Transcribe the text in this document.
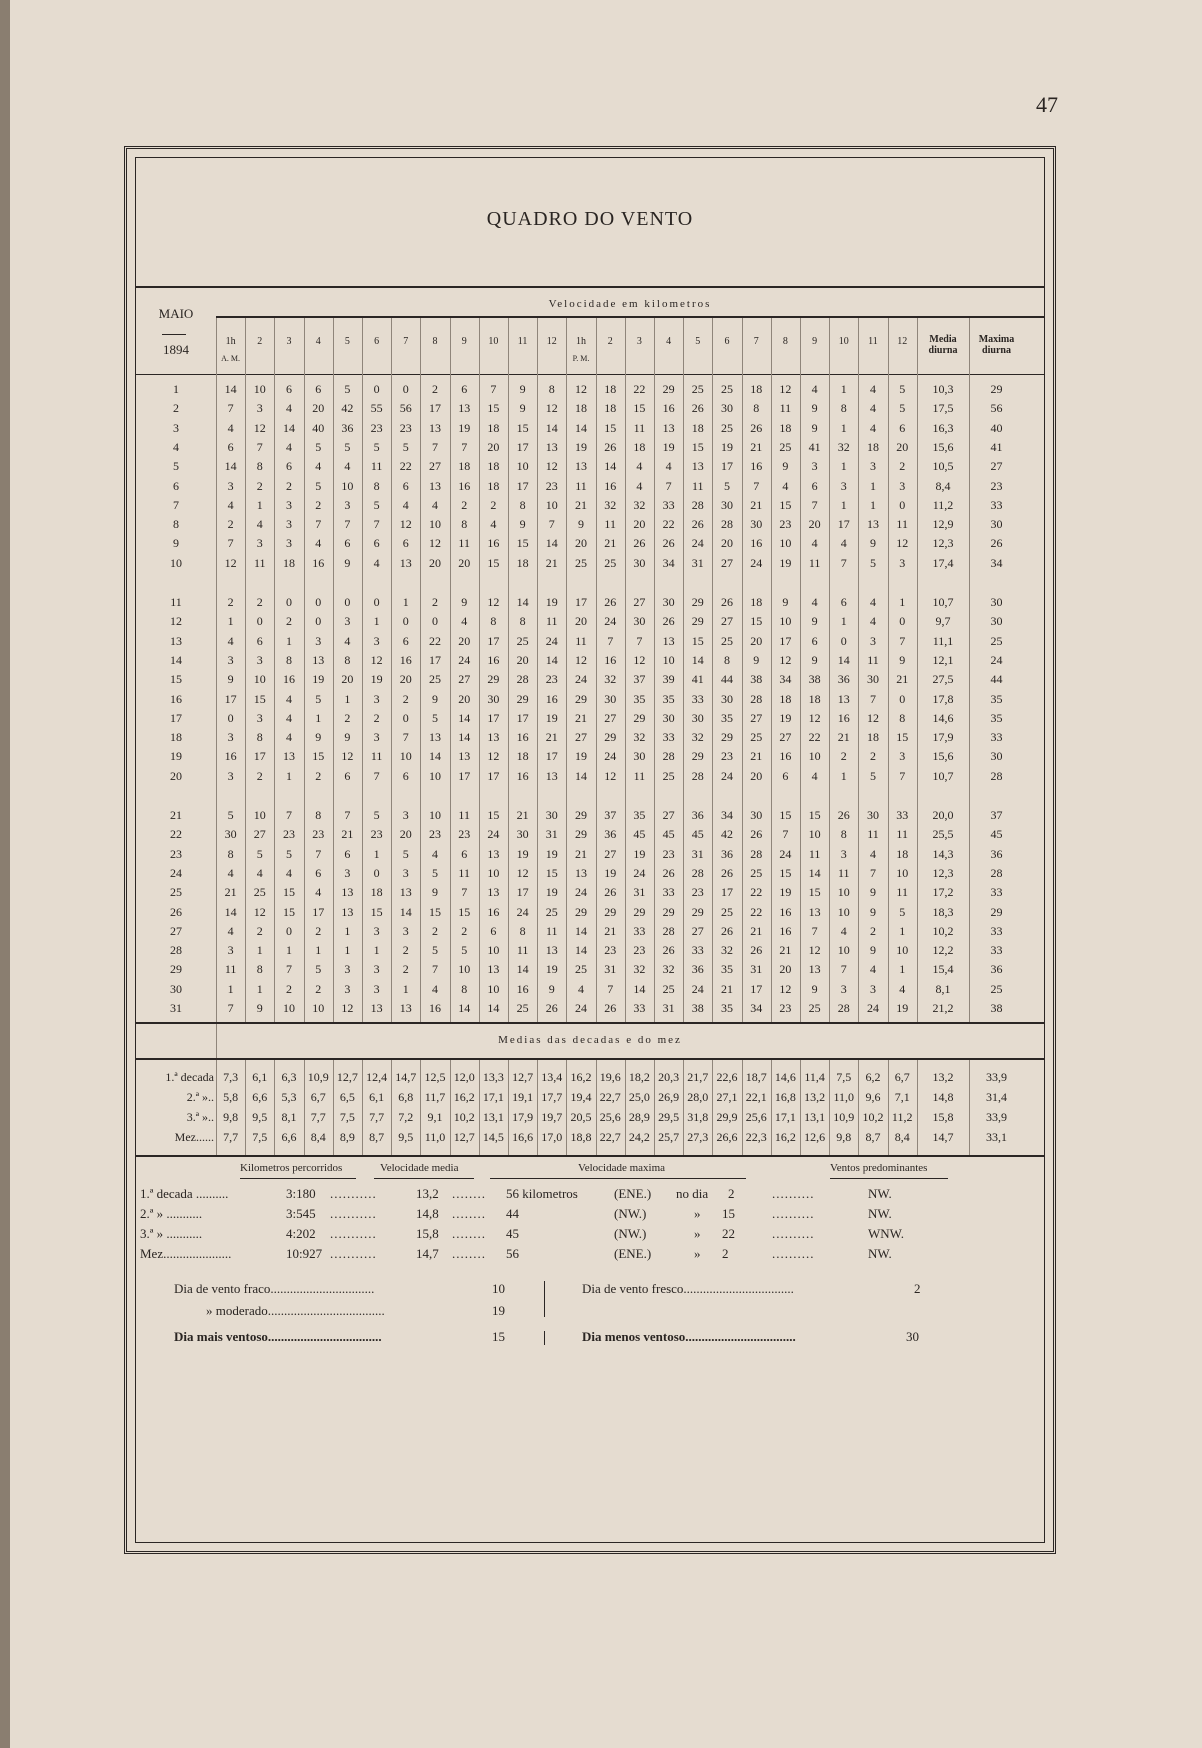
47
QUADRO DO VENTO
MAIO
1894
Velocidade em kilometros
1h	2	3	4	5	6	7	8	9	10	11	12	1h	2	3	4	5	6	7	8	9	10	11	12
A. M.	P. M.
Media diurna
Maxima diurna
1	14	10	6	6	5	0	0	2	6	7	9	8	12	18	22	29	25	25	18	12	4	1	4	5	10,3	29
2	7	3	4	20	42	55	56	17	13	15	9	12	18	18	15	16	26	30	8	11	9	8	4	5	17,5	56
3	4	12	14	40	36	23	23	13	19	18	15	14	14	15	11	13	18	25	26	18	9	1	4	6	16,3	40
4	6	7	4	5	5	5	5	7	7	20	17	13	19	26	18	19	15	19	21	25	41	32	18	20	15,6	41
5	14	8	6	4	4	11	22	27	18	18	10	12	13	14	4	4	13	17	16	9	3	1	3	2	10,5	27
6	3	2	2	5	10	8	6	13	16	18	17	23	11	16	4	7	11	5	7	4	6	3	1	3	8,4	23
7	4	1	3	2	3	5	4	4	2	2	8	10	21	32	32	33	28	30	21	15	7	1	1	0	11,2	33
8	2	4	3	7	7	7	12	10	8	4	9	7	9	11	20	22	26	28	30	23	20	17	13	11	12,9	30
9	7	3	3	4	6	6	6	12	11	16	15	14	20	21	26	26	24	20	16	10	4	4	9	12	12,3	26
10	12	11	18	16	9	4	13	20	20	15	18	21	25	25	30	34	31	27	24	19	11	7	5	3	17,4	34
11	2	2	0	0	0	0	1	2	9	12	14	19	17	26	27	30	29	26	18	9	4	6	4	1	10,7	30
12	1	0	2	0	3	1	0	0	4	8	8	11	20	24	30	26	29	27	15	10	9	1	4	0	9,7	30
13	4	6	1	3	4	3	6	22	20	17	25	24	11	7	7	13	15	25	20	17	6	0	3	7	11,1	25
14	3	3	8	13	8	12	16	17	24	16	20	14	12	16	12	10	14	8	9	12	9	14	11	9	12,1	24
15	9	10	16	19	20	19	20	25	27	29	28	23	24	32	37	39	41	44	38	34	38	36	30	21	27,5	44
16	17	15	4	5	1	3	2	9	20	30	29	16	29	30	35	35	33	30	28	18	18	13	7	0	17,8	35
17	0	3	4	1	2	2	0	5	14	17	17	19	21	27	29	30	30	35	27	19	12	16	12	8	14,6	35
18	3	8	4	9	9	3	7	13	14	13	16	21	27	29	32	33	32	29	25	27	22	21	18	15	17,9	33
19	16	17	13	15	12	11	10	14	13	12	18	17	19	24	30	28	29	23	21	16	10	2	2	3	15,6	30
20	3	2	1	2	6	7	6	10	17	17	16	13	14	12	11	25	28	24	20	6	4	1	5	7	10,7	28
21	5	10	7	8	7	5	3	10	11	15	21	30	29	37	35	27	36	34	30	15	15	26	30	33	20,0	37
22	30	27	23	23	21	23	20	23	23	24	30	31	29	36	45	45	45	42	26	7	10	8	11	11	25,5	45
23	8	5	5	7	6	1	5	4	6	13	19	19	21	27	19	23	31	36	28	24	11	3	4	18	14,3	36
24	4	4	4	6	3	0	3	5	11	10	12	15	13	19	24	26	28	26	25	15	14	11	7	10	12,3	28
25	21	25	15	4	13	18	13	9	7	13	17	19	24	26	31	33	23	17	22	19	15	10	9	11	17,2	33
26	14	12	15	17	13	15	14	15	15	16	24	25	29	29	29	29	29	25	22	16	13	10	9	5	18,3	29
27	4	2	0	2	1	3	3	2	2	6	8	11	14	21	33	28	27	26	21	16	7	4	2	1	10,2	33
28	3	1	1	1	1	1	2	5	5	10	11	13	14	23	23	26	33	32	26	21	12	10	9	10	12,2	33
29	11	8	7	5	3	3	2	7	10	13	14	19	25	31	32	32	36	35	31	20	13	7	4	1	15,4	36
30	1	1	2	2	3	3	1	4	8	10	16	9	4	7	14	25	24	21	17	12	9	3	3	4	8,1	25
31	7	9	10	10	12	13	13	16	14	14	25	26	24	26	33	31	38	35	34	23	25	28	24	19	21,2	38
Medias das decadas e do mez
1.ª decada 7,3	6,1	6,3 10,9 12,7 12,4 14,7 12,5 12,0 13,3 12,7 13,4 16,2 19,6 18,2 20,3 21,7 22,6 18,7 14,6 11,4 7,5	6,2	6,7	13,2	33,9
2.ª ».. 5,8	6,6	5,3	6,7	6,5	6,1	6,8 11,7 16,2 17,1 19,1 17,7 19,4 22,7 25,0 26,9 28,0 27,1 22,1 16,8 13,2 11,0 9,6	7,1	14,8	31,4
3.ª ».. 9,8	9,5	8,1	7,7	7,5	7,7	7,2	9,1 10,2 13,1 17,9 19,7 20,5 25,6 28,9 29,5 31,8 29,9 25,6 17,1 13,1 10,9 10,2 11,2	15,8	33,9
Mez...... 7,7	7,5	6,6	8,4	8,9	8,7	9,5 11,0 12,7 14,5 16,6 17,0 18,8 22,7 24,2 25,7 27,3 26,6 22,3 16,2 12,6 9,8	8,7	8,4	14,7	33,1
Kilometros percorridos	Velocidade media	Velocidade maxima	Ventos predominantes
1.ª decada ..........	3:180 ...........	13,2 ........ 56 kilometros	(ENE.) no dia 2	..........	NW.
2.ª » ...........	3:545 ...........	14,8 ........ 44	(NW.)	» 15	..........	NW.
3.ª » ...........	4:202 ...........	15,8 ........ 45	(NW.)	» 22	..........	WNW.
Mez.....................	10:927 ...........	14,7 ........ 56	(ENE.)	» 2	..........	NW.
Dia de vento fraco................................	10
» moderado....................................	19
Dia mais ventoso...................................	15
Dia de vento fresco..................................	2
Dia menos ventoso..................................	30
